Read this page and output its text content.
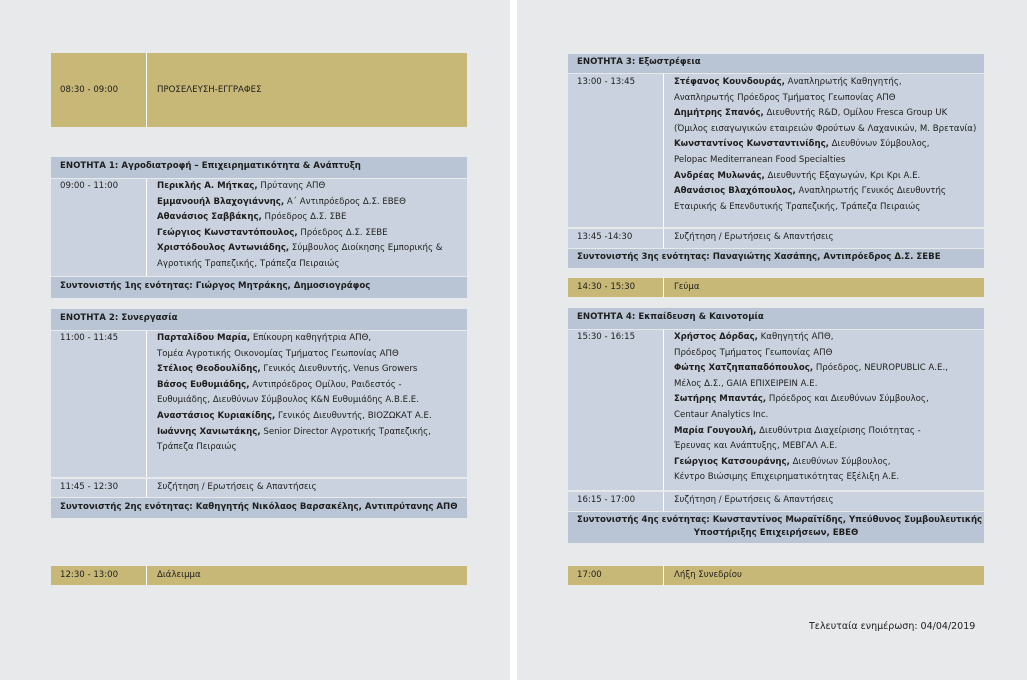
08:30 - 09:00	ΠΡΟΣΕΛΕΥΣΗ-ΕΓΓΡΑΦΕΣ
ΕΝΟΤΗΤΑ 1: Αγροδιατροφή – Επιχειρηματικότητα & Ανάπτυξη
09:00 - 11:00	Περικλής Α. Μήτκας, Πρύτανης ΑΠΘ
Εμμανουήλ Βλαχογιάννης, Α΄ Αντιπρόεδρος Δ.Σ. ΕΒΕΘ
Αθανάσιος Σαββάκης, Πρόεδρος Δ.Σ. ΣΒΕ
Γεώργιος Κωνσταντόπουλος, Πρόεδρος Δ.Σ. ΣΕΒΕ
Χριστόδουλος Αντωνιάδης, Σύμβουλος Διοίκησης Εμπορικής &
Αγροτικής Τραπεζικής, Τράπεζα Πειραιώς
Συντονιστής 1ης ενότητας: Γιώργος Μητράκης, Δημοσιογράφος
ΕΝΟΤΗΤΑ 2: Συνεργασία
11:00 - 11:45	Παρταλίδου Μαρία, Επίκουρη καθηγήτρια ΑΠΘ,
Τομέα Αγροτικής Οικονομίας Τμήματος Γεωπονίας ΑΠΘ
Στέλιος Θεοδουλίδης, Γενικός Διευθυντής, Venus Growers
Βάσος Ευθυμιάδης, Αντιπρόεδρος Ομίλου, Ραιδεστός -
Ευθυμιάδης, Διευθύνων Σύμβουλος K&N Ευθυμιάδης Α.Β.Ε.Ε.
Αναστάσιος Κυριακίδης, Γενικός Διευθυντής, ΒΙΟΖΩΚΑΤ Α.Ε.
Ιωάννης Χανιωτάκης, Senior Director Αγροτικής Τραπεζικής,
Τράπεζα Πειραιώς
11:45 - 12:30	Συζήτηση / Ερωτήσεις & Απαντήσεις
Συντονιστής 2ης ενότητας: Καθηγητής Νικόλαος Βαρσακέλης, Αντιπρύτανης ΑΠΘ
12:30 - 13:00	Διάλειμμα
ΕΝΟΤΗΤΑ 3: Εξωστρέφεια
13:00 - 13:45	Στέφανος Κουνδουράς, Αναπληρωτής Καθηγητής,
Αναπληρωτής Πρόεδρος Τμήματος Γεωπονίας ΑΠΘ
Δημήτρης Σπανός, Διευθυντής R&D, Ομίλου Fresca Group UK
(Όμιλος εισαγωγικών εταιρειών Φρούτων & Λαχανικών, Μ. Βρετανία)
Κωνσταντίνος Κωνσταντινίδης, Διευθύνων Σύμβουλος,
Pelopac Mediterranean Food Specialties
Ανδρέας Μυλωνάς, Διευθυντής Εξαγωγών, Κρι Κρι Α.Ε.
Αθανάσιος Βλαχόπουλος, Αναπληρωτής Γενικός Διευθυντής
Εταιρικής & Επενδυτικής Τραπεζικής, Τράπεζα Πειραιώς
13:45 -14:30	Συζήτηση / Ερωτήσεις & Απαντήσεις
Συντονιστής 3ης ενότητας: Παναγιώτης Χασάπης, Αντιπρόεδρος Δ.Σ. ΣΕΒΕ
14:30 - 15:30	Γεύμα
ΕΝΟΤΗΤΑ 4: Εκπαίδευση & Καινοτομία
15:30 - 16:15	Χρήστος Δόρδας, Καθηγητής ΑΠΘ,
Πρόεδρος Τμήματος Γεωπονίας ΑΠΘ
Φώτης Χατζηπαπαδόπουλος, Πρόεδρος, NEUROPUBLIC Α.Ε.,
Μέλος Δ.Σ., GAIA ΕΠΙΧΕΙΡΕΙΝ Α.Ε.
Σωτήρης Μπαντάς, Πρόεδρος και Διευθύνων Σύμβουλος,
Centaur Analytics Inc.
Μαρία Γουγουλή, Διευθύντρια Διαχείρισης Ποιότητας -
Έρευνας και Ανάπτυξης, ΜΕΒΓΑΛ Α.Ε.
Γεώργιος Κατσουράνης, Διευθύνων Σύμβουλος,
Κέντρο Βιώσιμης Επιχειρηματικότητας Εξέλιξη Α.Ε.
16:15 - 17:00	Συζήτηση / Ερωτήσεις & Απαντήσεις
Συντονιστής 4ης ενότητας: Κωνσταντίνος Μωραϊτίδης, Υπεύθυνος Συμβουλευτικής
Υποστήριξης Επιχειρήσεων, ΕΒΕΘ
17:00	Λήξη Συνεδρίου
Τελευταία ενημέρωση: 04/04/2019
